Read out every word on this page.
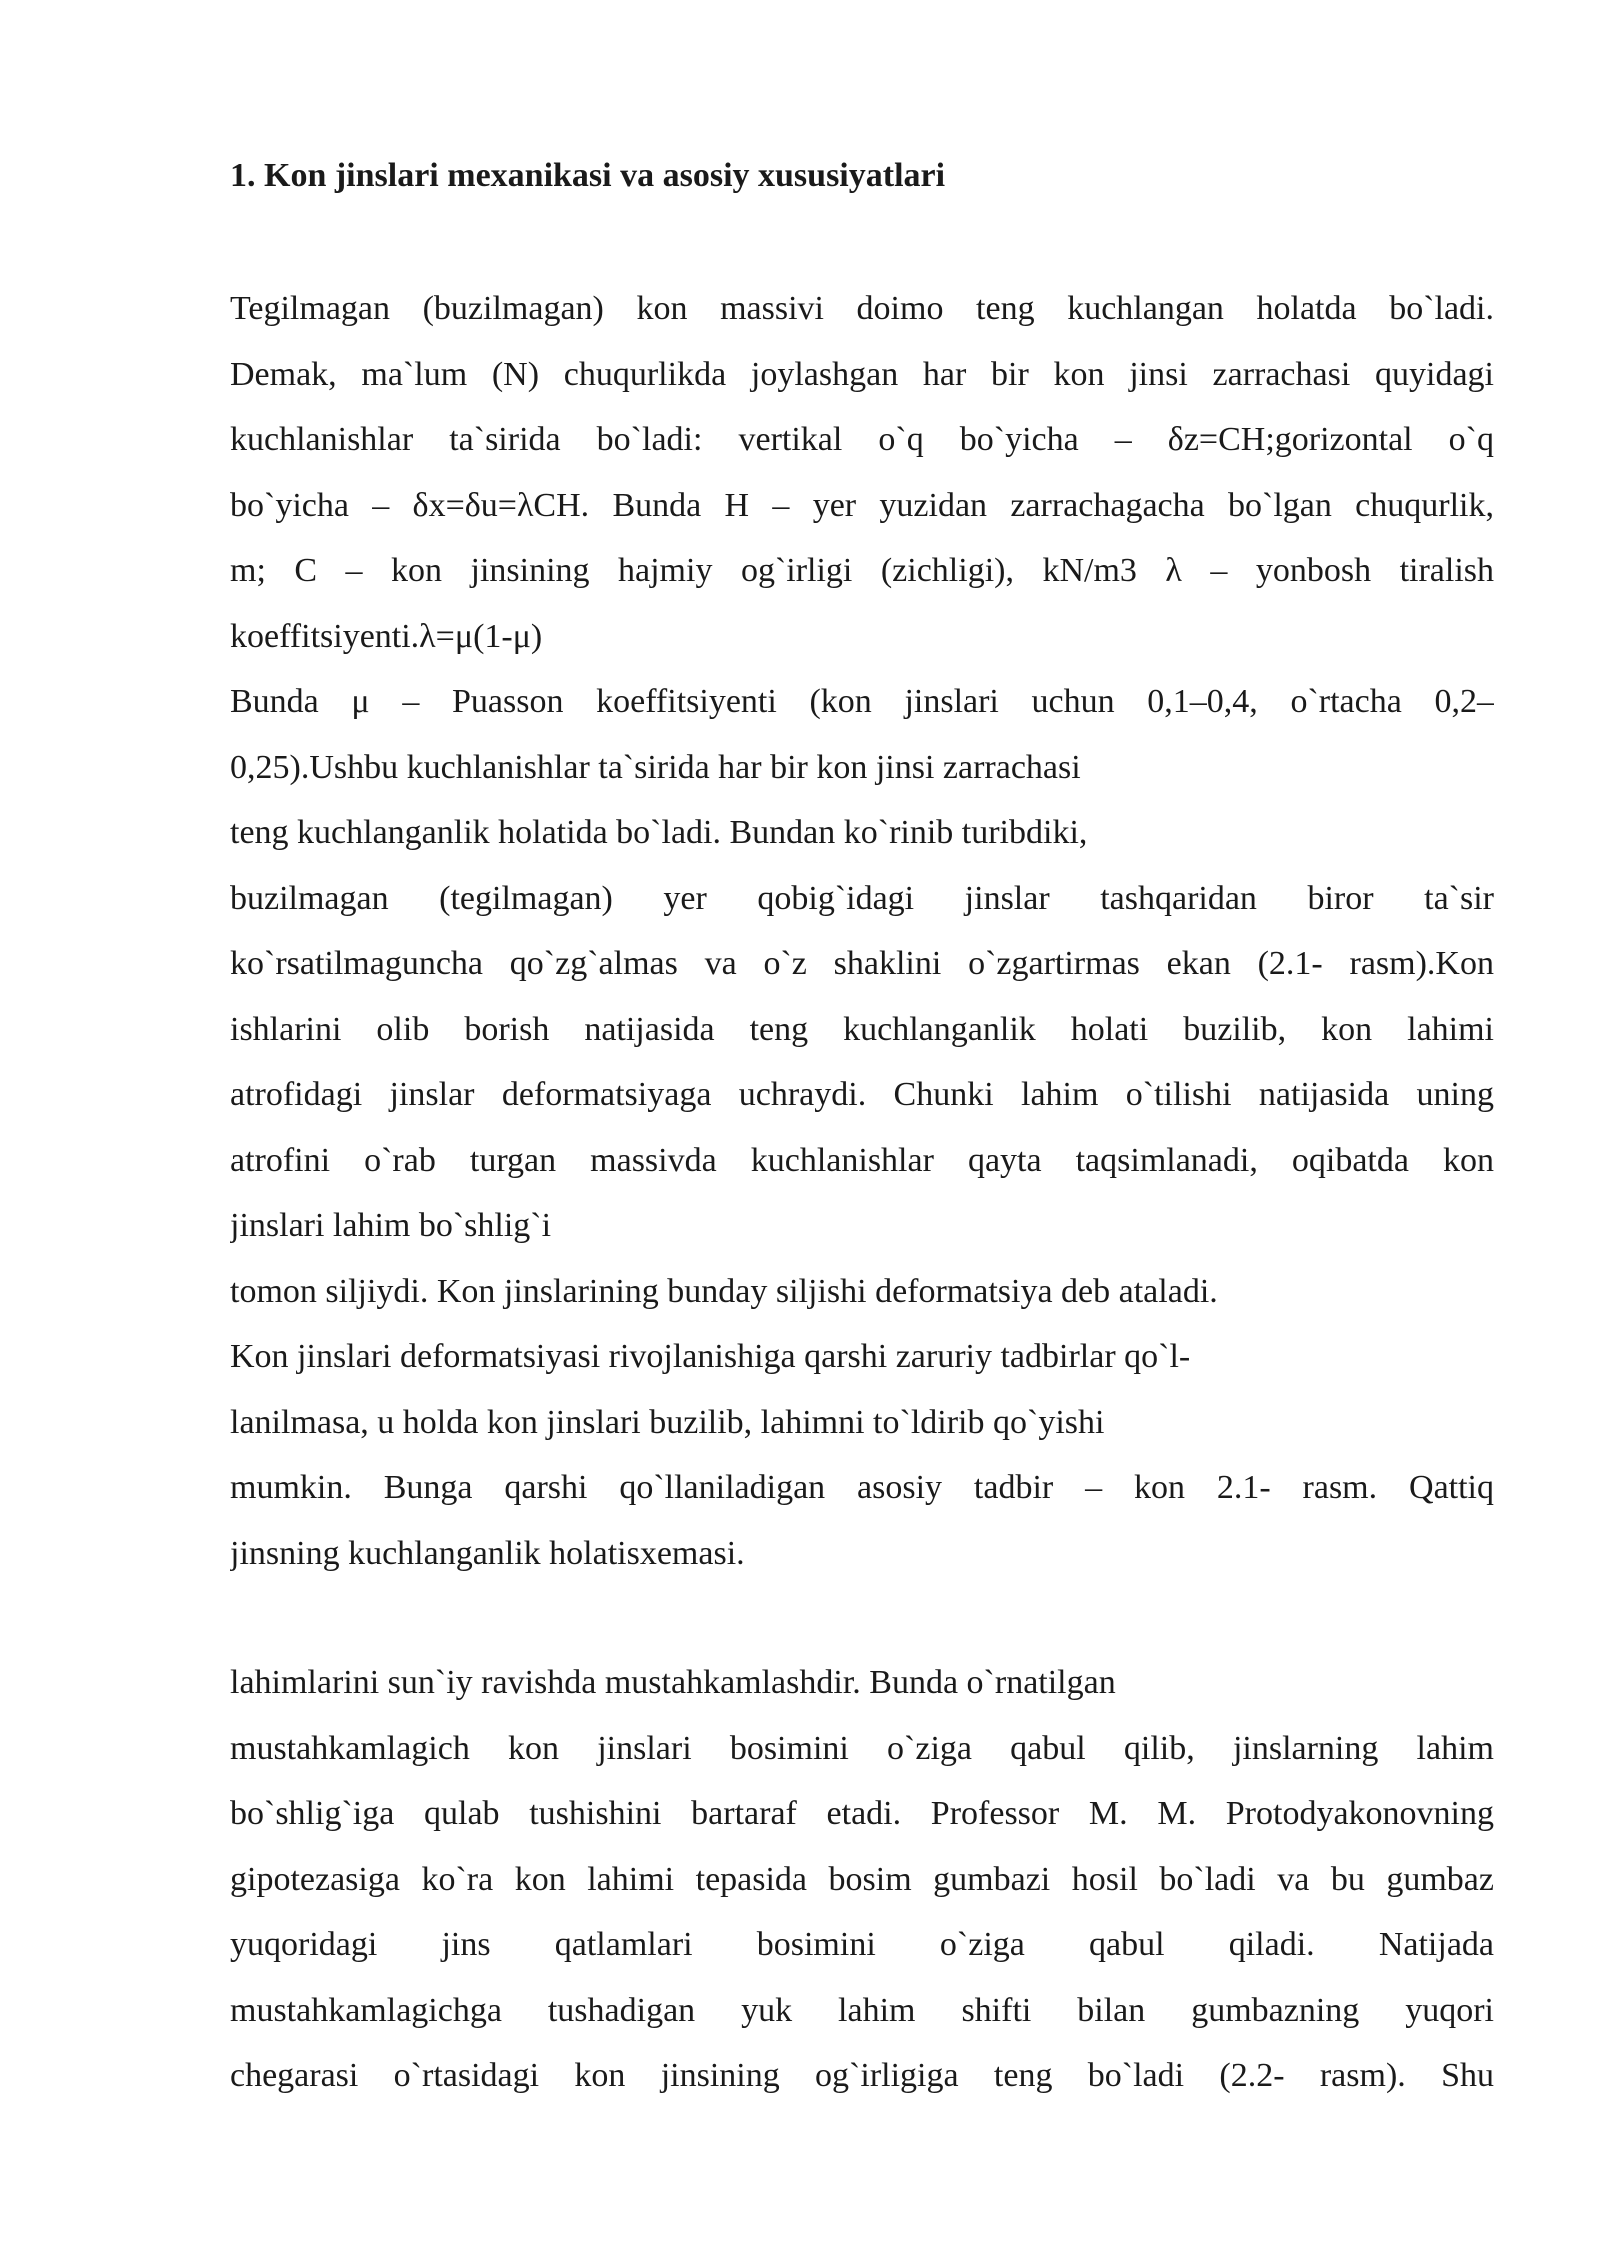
1. Kon jinslari mexanikasi va asosiy xususiyatlari
Tegilmagan (buzilmagan) kon massivi doimo teng kuchlangan holatda bo`ladi.
Demak, ma`lum (N) chuqurlikda joylashgan har bir kon jinsi zarrachasi quyidagi
kuchlanishlar ta`sirida bo`ladi: vertikal o`q bo`yicha – δz=CH;gorizontal o`q
bo`yicha – δx=δu=λCH. Bunda H – yer yuzidan zarrachagacha bo`lgan chuqurlik,
m; C – kon jinsining hajmiy og`irligi (zichligi), kN/m3 λ – yonbosh tiralish
koeffitsiyenti.λ=μ(1-μ)
Bunda μ – Puasson koeffitsiyenti (kon jinslari uchun 0,1–0,4, o`rtacha 0,2–
0,25).Ushbu kuchlanishlar ta`sirida har bir kon jinsi zarrachasi
teng kuchlanganlik holatida bo`ladi. Bundan ko`rinib turibdiki,
buzilmagan (tegilmagan) yer qobig`idagi jinslar tashqaridan biror ta`sir
ko`rsatilmaguncha qo`zg`almas va o`z shaklini o`zgartirmas ekan (2.1- rasm).Kon
ishlarini olib borish natijasida teng kuchlanganlik holati buzilib, kon lahimi
atrofidagi jinslar deformatsiyaga uchraydi. Chunki lahim o`tilishi natijasida uning
atrofini o`rab turgan massivda kuchlanishlar qayta taqsimlanadi, oqibatda kon
jinslari lahim bo`shlig`i
tomon siljiydi. Kon jinslarining bunday siljishi deformatsiya deb ataladi.
Kon jinslari deformatsiyasi rivojlanishiga qarshi zaruriy tadbirlar qo`l-
lanilmasa, u holda kon jinslari buzilib, lahimni to`ldirib qo`yishi
mumkin. Bunga qarshi qo`llaniladigan asosiy tadbir – kon 2.1- rasm. Qattiq
jinsning kuchlanganlik holatisxemasi.
lahimlarini sun`iy ravishda mustahkamlashdir. Bunda o`rnatilgan
mustahkamlagich kon jinslari bosimini o`ziga qabul qilib, jinslarning lahim
bo`shlig`iga qulab tushishini bartaraf etadi. Professor M. M. Protodyakonovning
gipotezasiga ko`ra kon lahimi tepasida bosim gumbazi hosil bo`ladi va bu gumbaz
yuqoridagi jins qatlamlari bosimini o`ziga qabul qiladi. Natijada
mustahkamlagichga tushadigan yuk lahim shifti bilan gumbazning yuqori
chegarasi o`rtasidagi kon jinsining og`irligiga teng bo`ladi (2.2- rasm). Shu
